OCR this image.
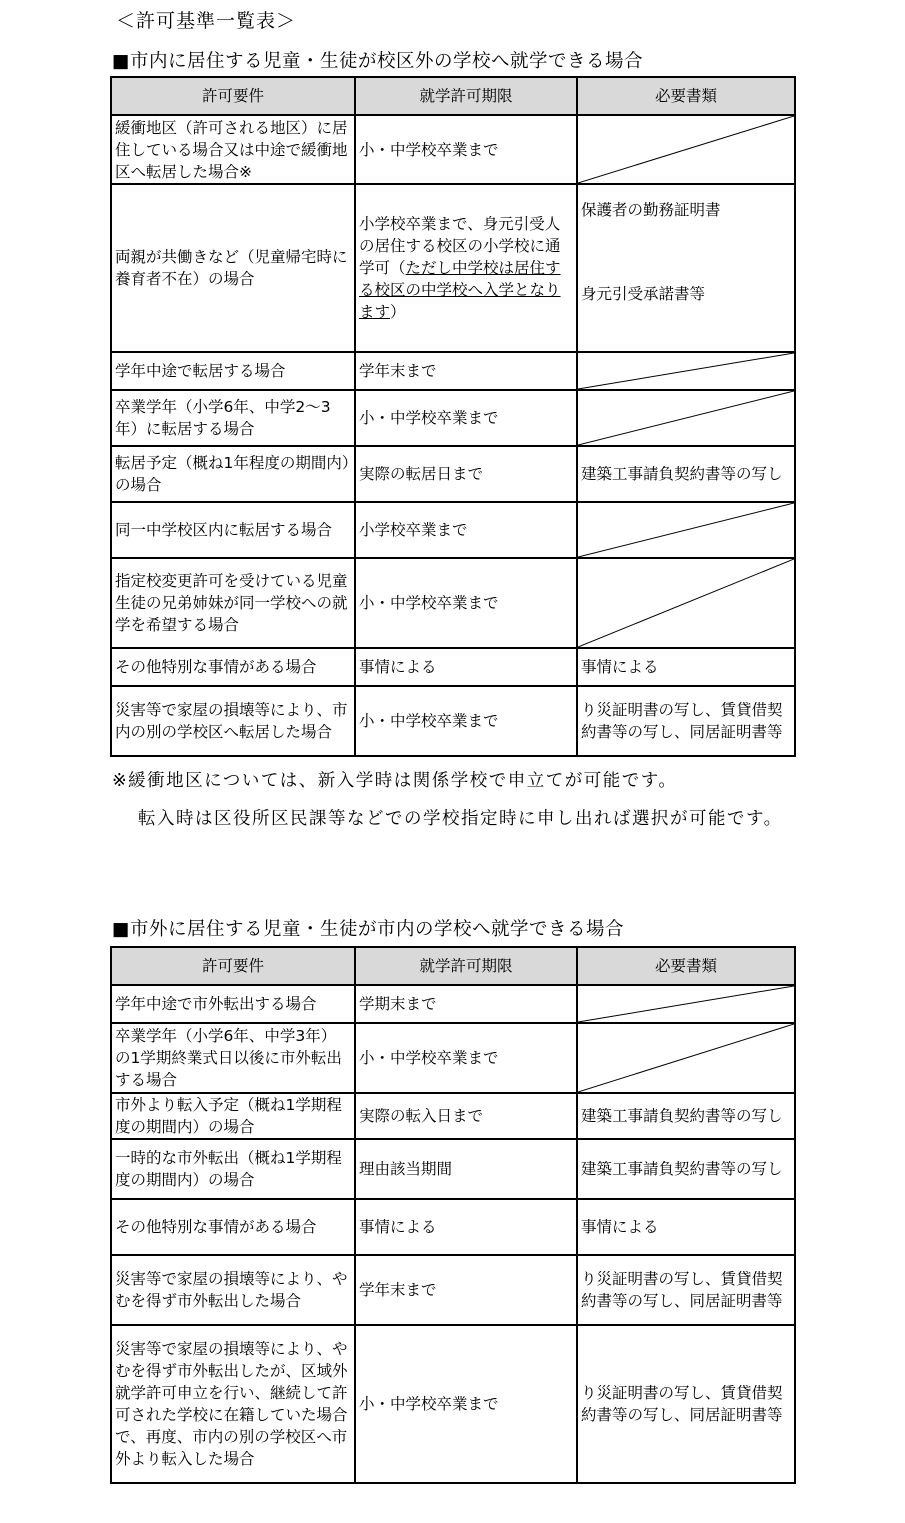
＜許可基準一覧表＞
■市内に居住する児童・生徒が校区外の学校へ就学できる場合
許可要件	就学許可期限	必要書類
緩衝地区（許可される地区）に居住している場合又は中途で緩衝地区へ転居した場合※	小・中学校卒業まで	

両親が共働きなど（児童帰宅時に養育者不在）の場合	小学校卒業まで、身元引受人の居住する校区の小学校に通学可（ただし中学校は居住する校区の中学校へ入学となります）	保護者の勤務証明書
身元引受承諾書等

学年中途で転居する場合	学年末まで	

卒業学年（小学6年、中学2～3年）に転居する場合	小・中学校卒業まで	

転居予定（概ね1年程度の期間内）の場合	実際の転居日まで	建築工事請負契約書等の写し
同一中学校区内に転居する場合	小学校卒業まで	

指定校変更許可を受けている児童生徒の兄弟姉妹が同一学校への就学を希望する場合	小・中学校卒業まで	

その他特別な事情がある場合	事情による	事情による
災害等で家屋の損壊等により、市内の別の学校区へ転居した場合	小・中学校卒業まで	り災証明書の写し、賃貸借契約書等の写し、同居証明書等
※緩衝地区については、新入学時は関係学校で申立てが可能です。
転入時は区役所区民課等などでの学校指定時に申し出れば選択が可能です。
■市外に居住する児童・生徒が市内の学校へ就学できる場合
許可要件	就学許可期限	必要書類
学年中途で市外転出する場合	学期末まで	

卒業学年（小学6年、中学3年）の1学期終業式日以後に市外転出する場合	小・中学校卒業まで	

市外より転入予定（概ね1学期程度の期間内）の場合	実際の転入日まで	建築工事請負契約書等の写し
一時的な市外転出（概ね1学期程度の期間内）の場合	理由該当期間	建築工事請負契約書等の写し
その他特別な事情がある場合	事情による	事情による
災害等で家屋の損壊等により、やむを得ず市外転出した場合	学年末まで	り災証明書の写し、賃貸借契約書等の写し、同居証明書等
災害等で家屋の損壊等により、やむを得ず市外転出したが、区域外就学許可申立を行い、継続して許可された学校に在籍していた場合で、再度、市内の別の学校区へ市外より転入した場合	小・中学校卒業まで	り災証明書の写し、賃貸借契約書等の写し、同居証明書等
